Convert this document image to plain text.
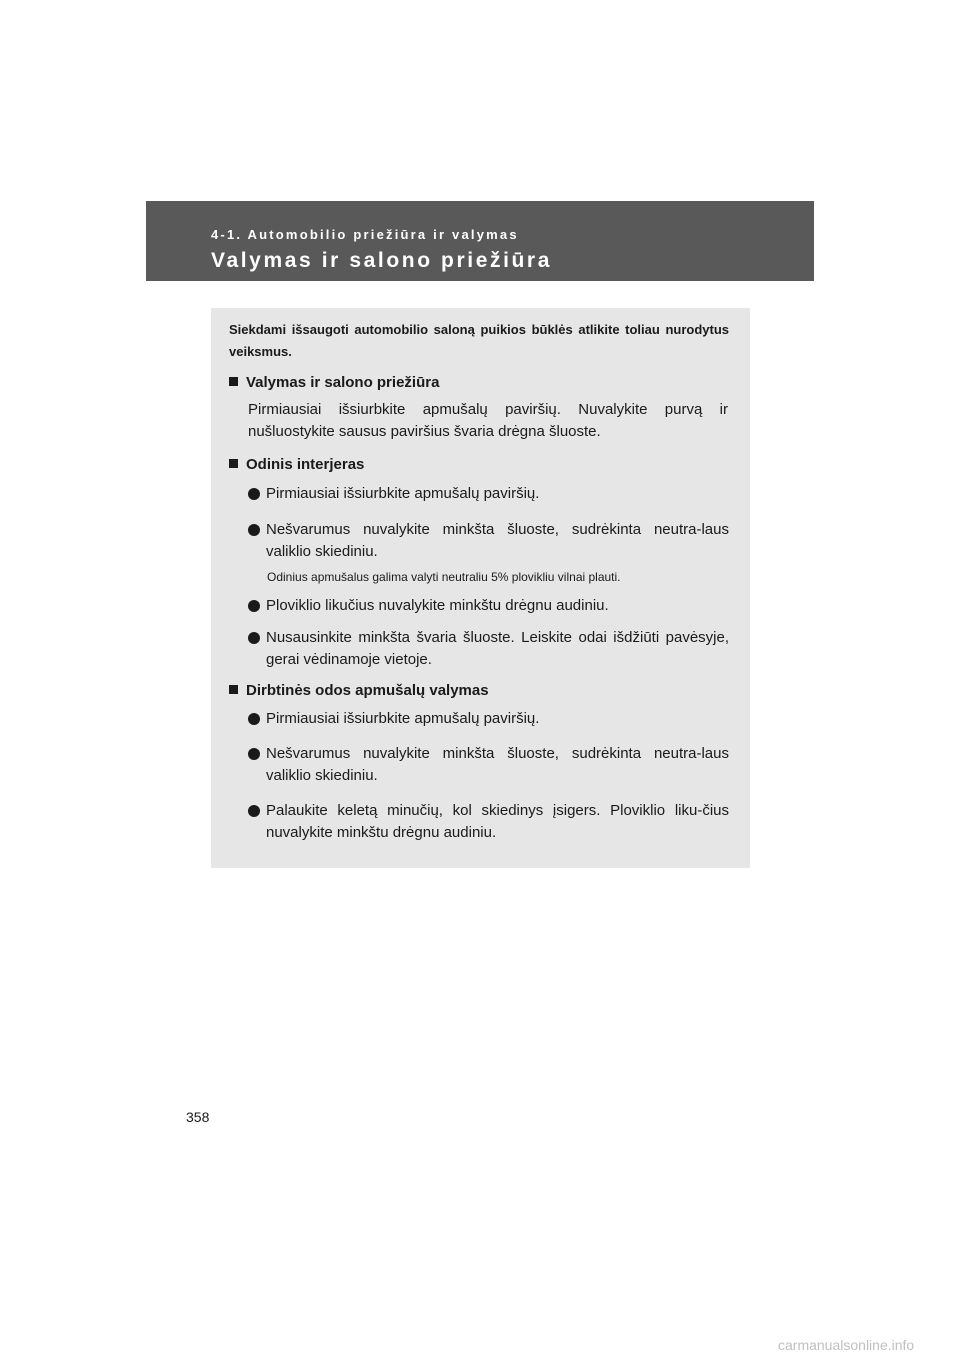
4-1. Automobilio priežiūra ir valymas
Valymas ir salono priežiūra
Siekdami išsaugoti automobilio saloną puikios būklės atlikite toliau nurodytus veiksmus.
Valymas ir salono priežiūra
Pirmiausiai išsiurbkite apmušalų paviršių. Nuvalykite purvą ir nušluostykite sausus paviršius švaria drėgna šluoste.
Odinis interjeras
Pirmiausiai išsiurbkite apmušalų paviršių.
Nešvarumus nuvalykite minkšta šluoste, sudrėkinta neutra-laus valiklio skiediniu.
Odinius apmušalus galima valyti neutraliu 5% plovikliu vilnai plauti.
Ploviklio likučius nuvalykite minkštu drėgnu audiniu.
Nusausinkite minkšta švaria šluoste. Leiskite odai išdžiūti pavėsyje, gerai vėdinamoje vietoje.
Dirbtinės odos apmušalų valymas
Pirmiausiai išsiurbkite apmušalų paviršių.
Nešvarumus nuvalykite minkšta šluoste, sudrėkinta neutra-laus valiklio skiediniu.
Palaukite keletą minučių, kol skiedinys įsigers. Ploviklio liku-čius nuvalykite minkštu drėgnu audiniu.
358
carmanualsonline.info
